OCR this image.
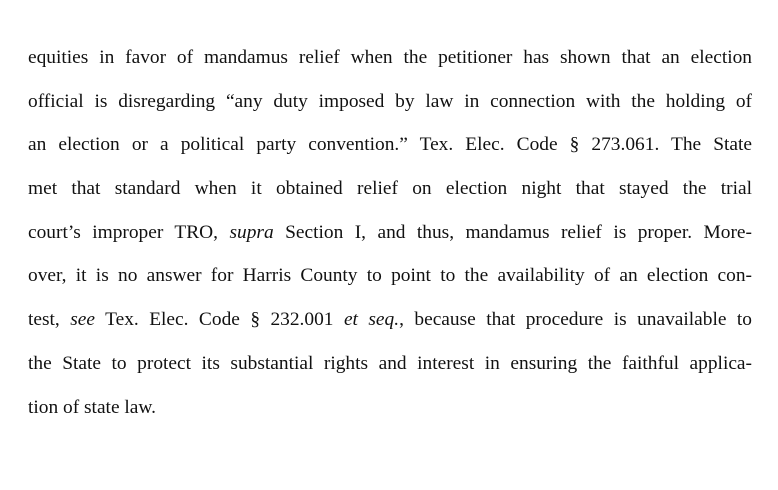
equities in favor of mandamus relief when the petitioner has shown that an election
official is disregarding “any duty imposed by law in connection with the holding of
an election or a political party convention.” Tex. Elec. Code § 273.061. The State
met that standard when it obtained relief on election night that stayed the trial
court’s improper TRO, supra Section I, and thus, mandamus relief is proper. More-
over, it is no answer for Harris County to point to the availability of an election con-
test, see Tex. Elec. Code § 232.001 et seq., because that procedure is unavailable to
the State to protect its substantial rights and interest in ensuring the faithful applica-
tion of state law.
